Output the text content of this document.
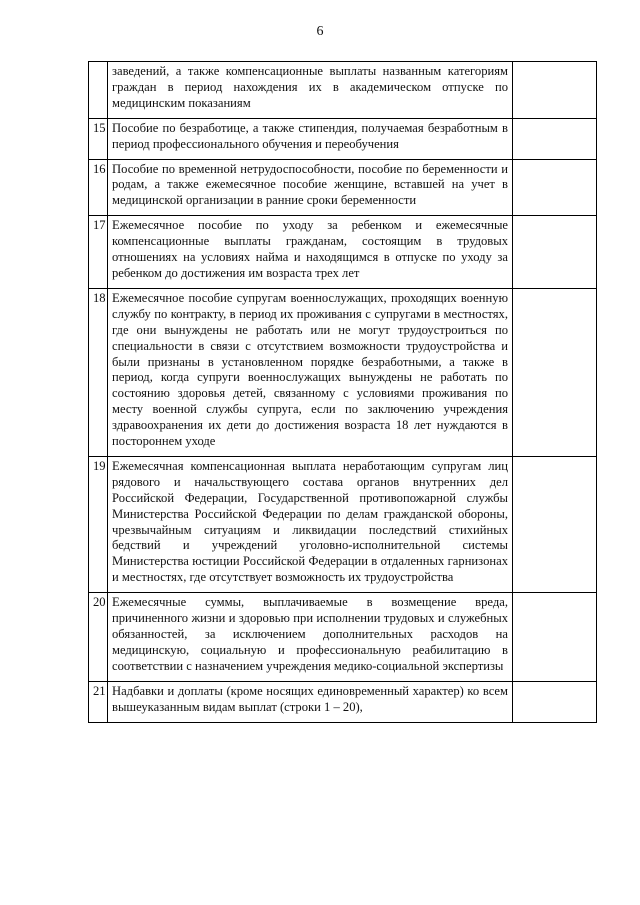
6
	заведений, а также компенсационные выплаты названным категориям граждан в период нахождения их в академическом отпуске по медицинским показаниям	
15	Пособие по безработице, а также стипендия, получаемая безработным в период профессионального обучения и переобучения	
16	Пособие по временной нетрудоспособности, пособие по беременности и родам, а также ежемесячное пособие женщине, вставшей на учет в медицинской организации в ранние сроки беременности	
17	Ежемесячное пособие по уходу за ребенком и ежемесячные компенсационные выплаты гражданам, состоящим в трудовых отношениях на условиях найма и находящимся в отпуске по уходу за ребенком до достижения им возраста трех лет	
18	Ежемесячное пособие супругам военнослужащих, проходящих военную службу по контракту, в период их проживания с супругами в местностях, где они вынуждены не работать или не могут трудоустроиться по специальности в связи с отсутствием возможности трудоустройства и были признаны в установленном порядке безработными, а также в период, когда супруги военнослужащих вынуждены не работать по состоянию здоровья детей, связанному с условиями проживания по месту военной службы супруга, если по заключению учреждения здравоохранения их дети до достижения возраста 18 лет нуждаются в постороннем уходе	
19	Ежемесячная компенсационная выплата неработающим супругам лиц рядового и начальствующего состава органов внутренних дел Российской Федерации, Государственной противопожарной службы Министерства Российской Федерации по делам гражданской обороны, чрезвычайным ситуациям и ликвидации последствий стихийных бедствий и учреждений уголовно-исполнительной системы Министерства юстиции Российской Федерации в отдаленных гарнизонах и местностях, где отсутствует возможность их трудоустройства	
20	Ежемесячные суммы, выплачиваемые в возмещение вреда, причиненного жизни и здоровью при исполнении трудовых и служебных обязанностей, за исключением дополнительных расходов на медицинскую, социальную и профессиональную реабилитацию в соответствии с назначением учреждения медико-социальной экспертизы	
21	Надбавки и доплаты (кроме носящих единовременный характер) ко всем вышеуказанным видам выплат (строки 1 – 20),	
